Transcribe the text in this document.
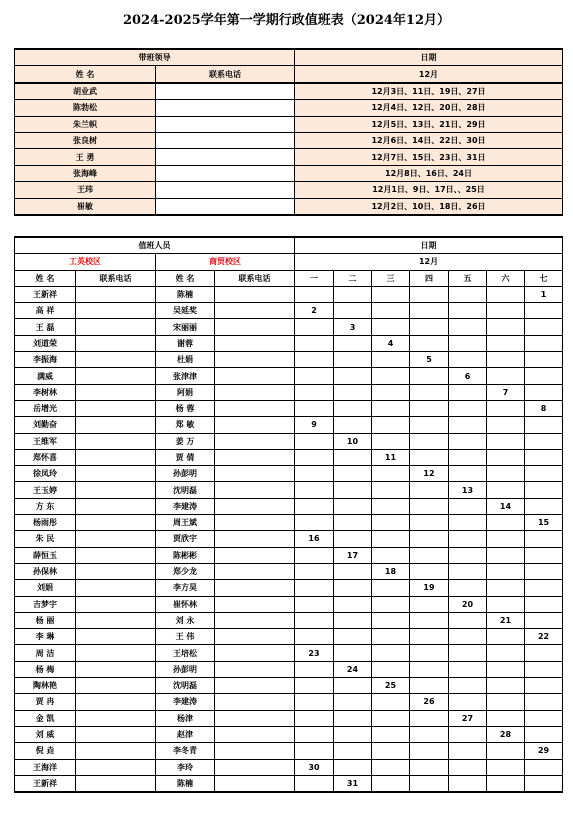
2024-2025学年第一学期行政值班表（2024年12月）
带班领导		日期
姓 名	联系电话	12月
胡业武		12月3日、11日、19日、27日
陈勃松		12月4日、12日、20日、28日
朱兰帜		12月5日、13日、21日、29日
张良树		12月6日、14日、22日、30日
王 勇		12月7日、15日、23日、31日
张海峰		12月8日、16日、24日
王玮		12月1日、9日、17日、、25日
崔敏		12月2日、10日、18日、26日
值班人员				日期						
工英校区		商贸校区		12月						
姓 名	联系电话	姓 名	联系电话	一	二	三	四	五	六	七
王新祥		陈楠								1
高 祥		吴延奖		2						
王 磊		宋丽丽			3					
刘道荣		谢蓉				4				
李振海		杜娟					5			
满威		张津津						6		
李树林		阿娟							7	
岳增光		杨 蓉								8
刘勤奋		郑 敏		9						
王维军		姜 万			10					
郑怀喜		贾 倩				11				
徐凤玲		孙彭明					12			
王玉婷		沈明磊						13		
方 东		李建涛							14	
杨雨彤		周王斌								15
朱 民		贾欣宇		16						
薛恒玉		陈彬彬			17					
孙保林		郑少龙				18				
刘娟		李方昊					19			
吉梦宇		崔怀林						20		
杨 丽		刘 永							21	
李 琳		王 伟								22
周 洁		王培松		23						
杨 梅		孙彭明			24					
陶林艳		沈明磊				25				
贾 冉		李建涛					26			
金 凯		杨津						27		
刘 威		赵津							28	
倪 垚		李冬青								29
王海洋		李玲		30						
王新祥		陈楠			31					
